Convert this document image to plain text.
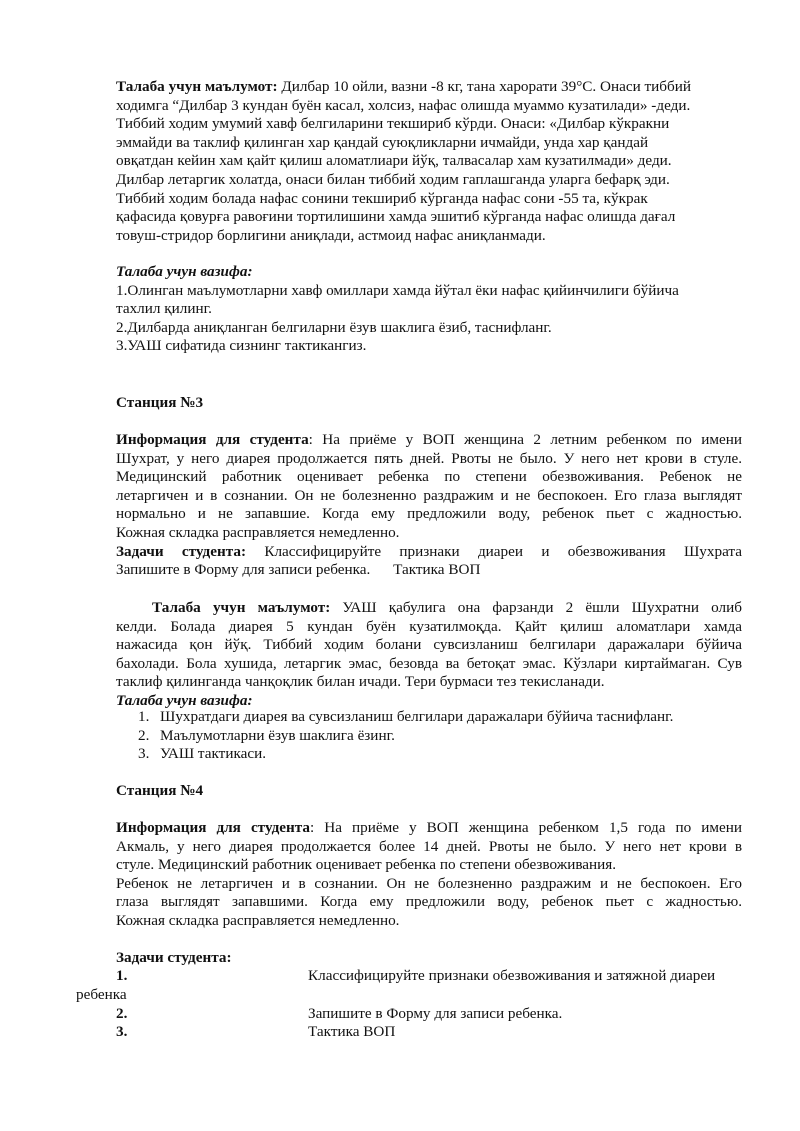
Талаба учун маълумот: Дилбар 10 ойли, вазни -8 кг, тана харорати 39°С. Онаси тиббий
ходимга “Дилбар 3 кундан буён касал, холсиз, нафас олишда муаммо кузатилади» -деди.
Тиббий ходим умумий хавф белгиларини текшириб кўрди. Онаси: «Дилбар кўкракни
эммайди ва таклиф қилинган хар қандай суюқликларни ичмайди, унда хар қандай
овқатдан кейин хам қайт қилиш аломатлиари йўқ, талвасалар хам кузатилмади» деди.
Дилбар летаргик холатда, онаси билан тиббий ходим гаплашганда уларга бефарқ эди.
Тиббий ходим болада нафас сонини текшириб кўрганда нафас сони -55 та, кўкрак
қафасида қовурға равоғини тортилишини хамда эшитиб кўрганда нафас олишда дағал
товуш-стридор борлигини аниқлади, астмоид нафас аниқланмади.
Талаба учун вазифа:
1.Олинган маълумотларни хавф омиллари хамда йўтал ёки нафас қийинчилиги бўйича
тахлил қилинг.
2.Дилбарда аниқланган белгиларни ёзув шаклига ёзиб, таснифланг.
3.УАШ сифатида сизнинг тактикангиз.
Станция №3
Информация для студента: На приёме у ВОП женщина 2 летним ребенком по имени
Шухрат, у него диарея продолжается пять дней. Рвоты не было. У него нет крови в стуле.
Медицинский работник оценивает ребенка по степени обезвоживания. Ребенок не
летаргичен и в сознании. Он не болезненно раздражим и не беспокоен. Его глаза выглядят
нормально и не запавшие. Когда ему предложили воду, ребенок пьет с жадностью.
Кожная складка расправляется немедленно.
Задачи студента: Классифицируйте признаки диареи и обезвоживания Шухрата
Запишите в Форму для записи ребенка.      Тактика ВОП
Талаба учун маълумот: УАШ қабулига она фарзанди 2 ёшли Шухратни олиб
келди. Болада диарея 5 кундан буён кузатилмоқда. Қайт қилиш аломатлари хамда
нажасида қон йўқ. Тиббий ходим болани сувсизланиш белгилари даражалари бўйича
бахолади. Бола хушида, летаргик эмас, безовда ва бетоқат эмас. Кўзлари киртаймаган. Сув
таклиф қилинганда чанқоқлик билан ичади. Тери бурмаси тез текисланади.
Талаба учун вазифа:
1. Шухратдаги диарея ва сувсизланиш белгилари даражалари бўйича таснифланг.
2. Маълумотларни ёзув шаклига ёзинг.
3. УАШ тактикаси.
Станция №4
Информация для студента: На приёме у ВОП женщина ребенком 1,5 года по имени
Акмаль, у него диарея продолжается более 14 дней. Рвоты не было. У него нет крови в
стуле. Медицинский работник оценивает ребенка по степени обезвоживания.
Ребенок не летаргичен и в сознании. Он не болезненно раздражим и не беспокоен. Его
глаза выглядят запавшими. Когда ему предложили воду, ребенок пьет с жадностью.
Кожная складка расправляется немедленно.
Задачи студента:
1.	Классифицируйте признаки обезвоживания и затяжной диареи
ребенка
2.	Запишите в Форму для записи ребенка.
3.	Тактика ВОП
